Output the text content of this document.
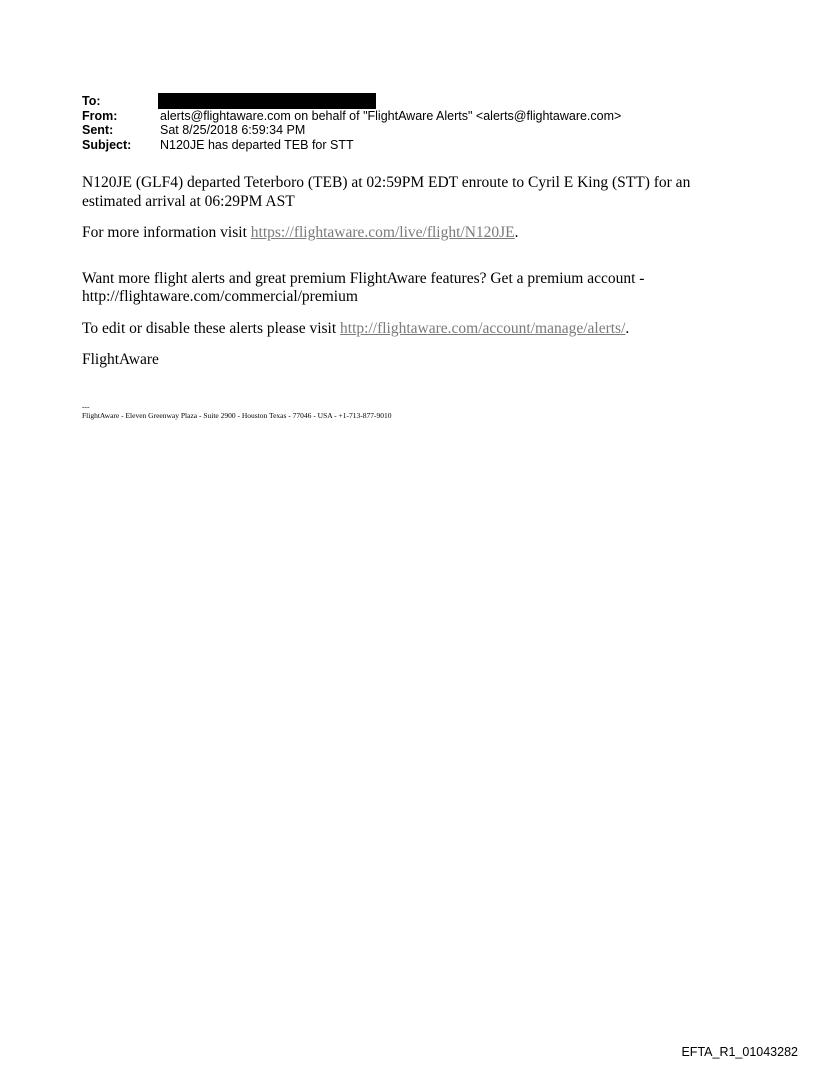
To:
From:	alerts@flightaware.com on behalf of "FlightAware Alerts" <alerts@flightaware.com>
Sent:	Sat 8/25/2018 6:59:34 PM
Subject:	N120JE has departed TEB for STT

N120JE (GLF4) departed Teterboro (TEB) at 02:59PM EDT enroute to Cyril E King (STT) for an estimated arrival at 06:29PM AST

For more information visit https://flightaware.com/live/flight/N120JE.

Want more flight alerts and great premium FlightAware features? Get a premium account - http://flightaware.com/commercial/premium

To edit or disable these alerts please visit http://flightaware.com/account/manage/alerts/.

FlightAware

---
FlightAware - Eleven Greenway Plaza - Suite 2900 - Houston Texas - 77046 - USA - +1-713-877-9010
EFTA_R1_01043282
